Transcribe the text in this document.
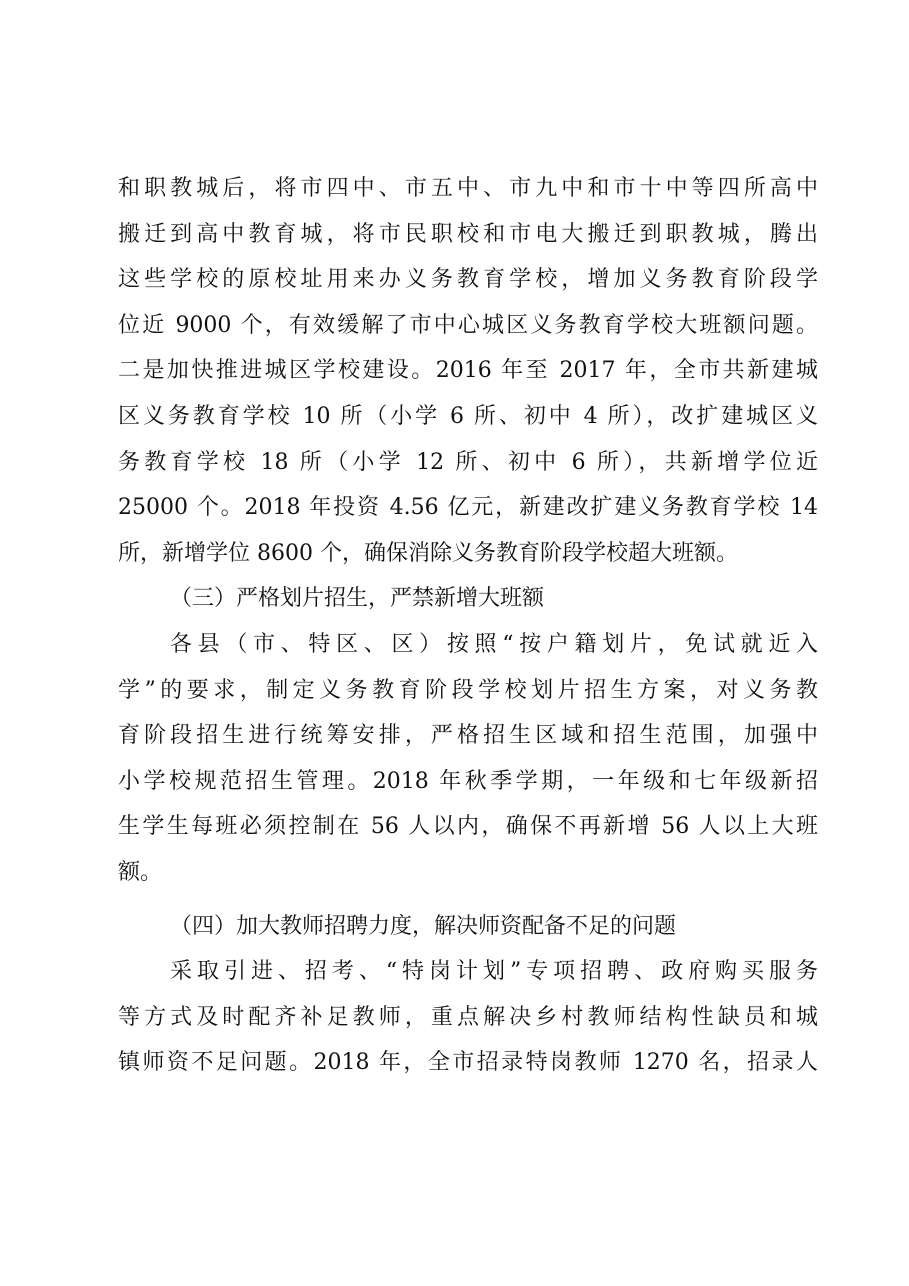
和职教城后，将市四中、市五中、市九中和市十中等四所高中
搬迁到高中教育城，将市民职校和市电大搬迁到职教城，腾出
这些学校的原校址用来办义务教育学校，增加义务教育阶段学
位近 9000 个，有效缓解了市中心城区义务教育学校大班额问题。
二是加快推进城区学校建设。2016 年至 2017 年，全市共新建城
区义务教育学校 10 所（小学 6 所、初中 4 所），改扩建城区义
务教育学校 18 所（小学 12 所、初中 6 所），共新增学位近
25000 个。2018 年投资 4.56 亿元，新建改扩建义务教育学校 14
所，新增学位 8600 个，确保消除义务教育阶段学校超大班额。
（三）严格划片招生，严禁新增大班额
各县（市、特区、区）按照“按户籍划片，免试就近入
学”的要求，制定义务教育阶段学校划片招生方案，对义务教
育阶段招生进行统筹安排，严格招生区域和招生范围，加强中
小学校规范招生管理。2018 年秋季学期，一年级和七年级新招
生学生每班必须控制在 56 人以内，确保不再新增 56 人以上大班
额。
（四）加大教师招聘力度，解决师资配备不足的问题
采取引进、招考、“特岗计划”专项招聘、政府购买服务
等方式及时配齐补足教师，重点解决乡村教师结构性缺员和城
镇师资不足问题。2018 年，全市招录特岗教师 1270 名，招录人
